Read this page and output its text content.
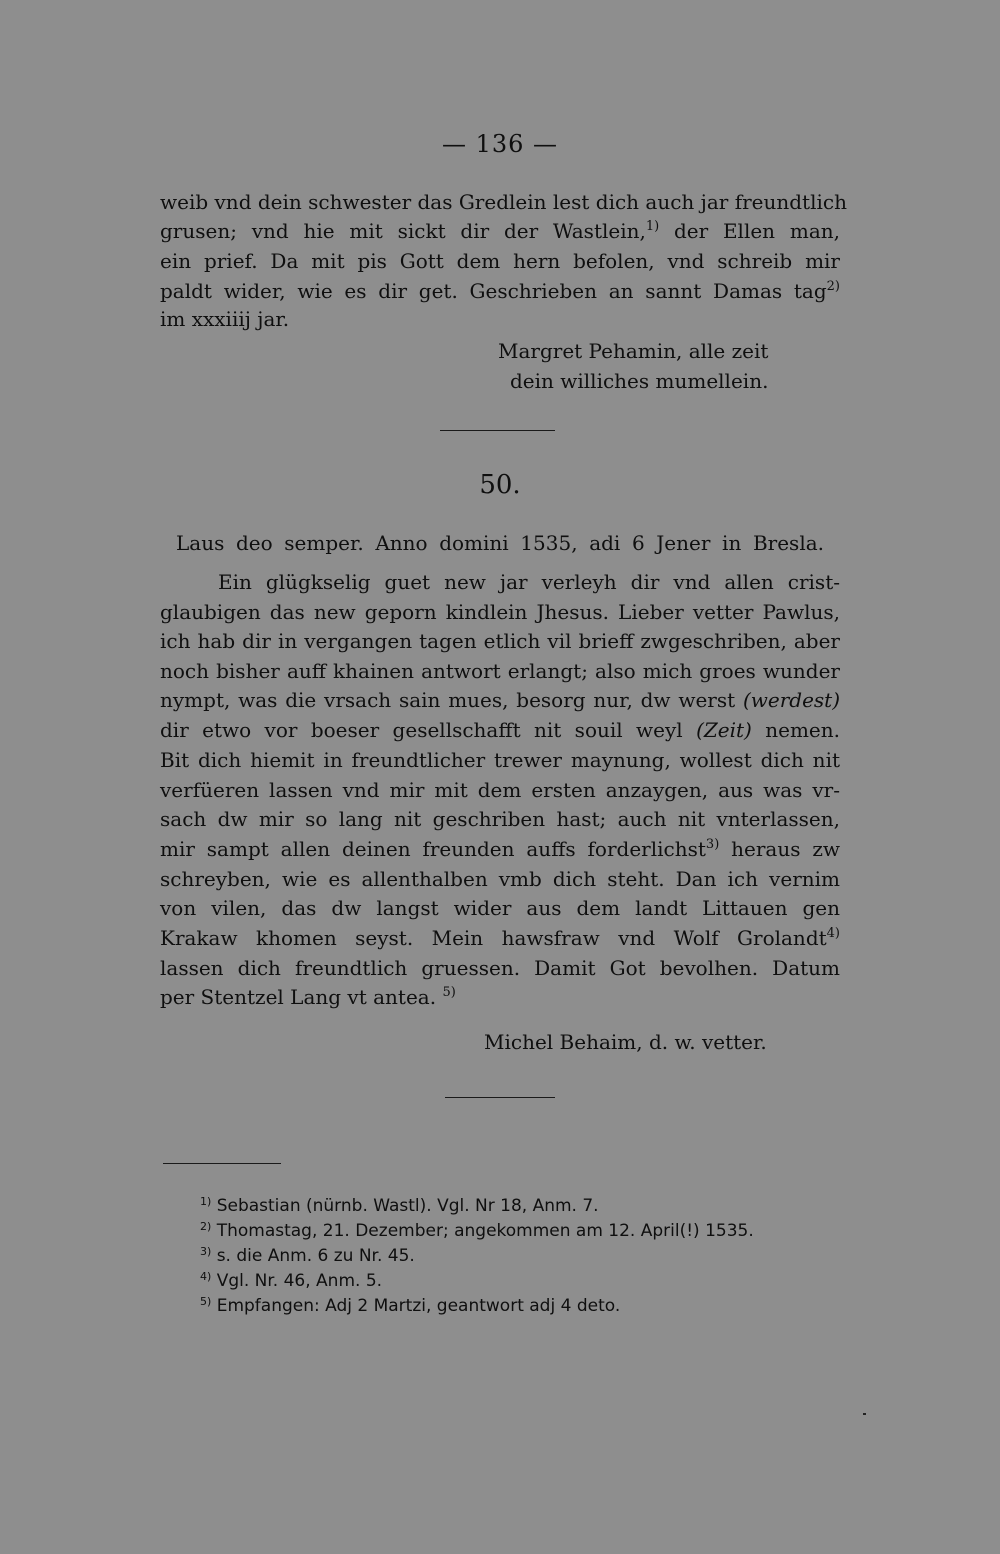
— 136 —
weib vnd dein schwester das Gredlein lest dich auch jar freundtlich
grusen; vnd hie mit sickt dir der Wastlein,$^{1)}$ der Ellen man,
ein prief. Da mit pis Gott dem hern befolen, vnd schreib mir
paldt wider, wie es dir get. Geschrieben an sannt Damas tag$^{2)}$
im xxxiiij jar.
Margret Pehamin, alle zeit
dein williches mumellein.
50.
Laus deo semper. Anno domini 1535, adi 6 Jener in Bresla.
Ein glügkselig guet new jar verleyh dir vnd allen crist-
glaubigen das new geporn kindlein Jhesus. Lieber vetter Pawlus,
ich hab dir in vergangen tagen etlich vil brieff zwgeschriben, aber
noch bisher auff khainen antwort erlangt; also mich groes wunder
nympt, was die vrsach sain mues, besorg nur, dw werst (werdest)
dir etwo vor boeser gesellschafft nit souil weyl (Zeit) nemen.
Bit dich hiemit in freundtlicher trewer maynung, wollest dich nit
verfüeren lassen vnd mir mit dem ersten anzaygen, aus was vr-
sach dw mir so lang nit geschriben hast; auch nit vnterlassen,
mir sampt allen deinen freunden auffs forderlichst$^{3)}$ heraus zw
schreyben, wie es allenthalben vmb dich steht. Dan ich vernim
von vilen, das dw langst wider aus dem landt Littauen gen
Krakaw khomen seyst. Mein hawsfraw vnd Wolf Grolandt$^{4)}$
lassen dich freundtlich gruessen. Damit Got bevolhen. Datum
per Stentzel Lang vt antea. $^{5)}$
Michel Behaim, d. w. vetter.
$^{1)}$ Sebastian (nürnb. Wastl). Vgl. Nr 18, Anm. 7.
$^{2)}$ Thomastag, 21. Dezember; angekommen am 12. April(!) 1535.
$^{3)}$ s. die Anm. 6 zu Nr. 45.
$^{4)}$ Vgl. Nr. 46, Anm. 5.
$^{5)}$ Empfangen: Adj 2 Martzi, geantwort adj 4 deto.
